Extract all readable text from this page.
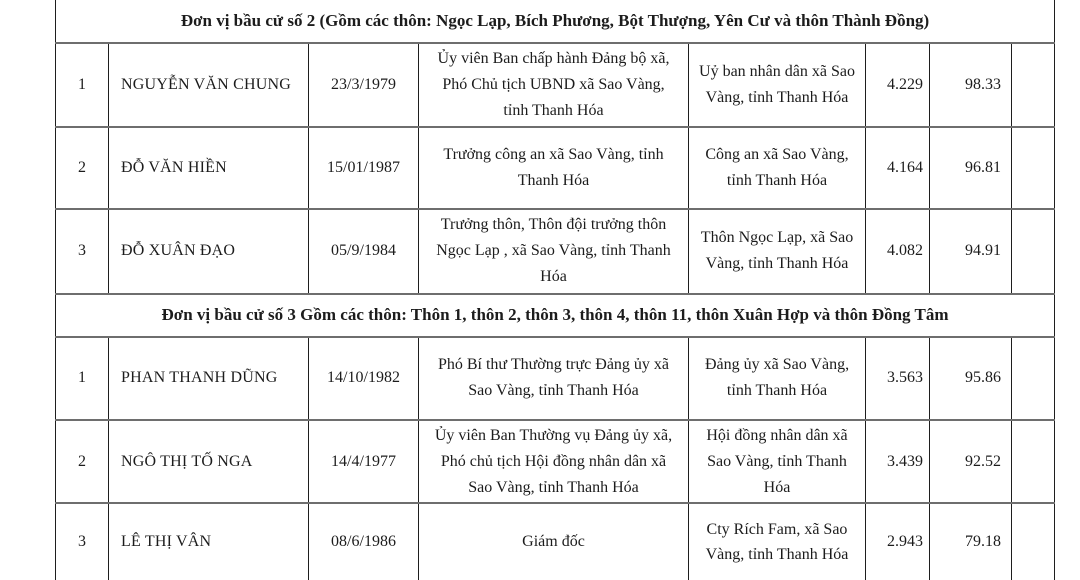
Đơn vị bầu cử số 2 (Gồm các thôn: Ngọc Lạp, Bích Phương, Bột Thượng, Yên Cư và thôn Thành Đồng)							
1	NGUYỄN VĂN CHUNG	23/3/1979	Ủy viên Ban chấp hành Đảng bộ xã, Phó Chủ tịch UBND xã Sao Vàng, tỉnh Thanh Hóa	Uỷ ban nhân dân xã Sao Vàng, tỉnh Thanh Hóa	4.229	98.33	
2	ĐỖ VĂN HIỀN	15/01/1987	Trưởng công an xã Sao Vàng, tỉnh Thanh Hóa	Công an xã Sao Vàng, tỉnh Thanh Hóa	4.164	96.81	
3	ĐỖ XUÂN ĐẠO	05/9/1984	Trưởng thôn, Thôn đội trưởng thôn Ngọc Lạp , xã Sao Vàng, tỉnh Thanh Hóa	Thôn Ngọc Lạp, xã Sao Vàng, tỉnh Thanh Hóa	4.082	94.91	
Đơn vị bầu cử số 3 Gồm các thôn: Thôn 1, thôn 2, thôn 3, thôn 4, thôn 11, thôn Xuân Hợp và thôn Đồng Tâm							
1	PHAN THANH DŨNG	14/10/1982	Phó Bí thư Thường trực Đảng ủy xã Sao Vàng, tỉnh Thanh Hóa	Đảng ủy xã Sao Vàng, tỉnh Thanh Hóa	3.563	95.86	
2	NGÔ THỊ TỐ NGA	14/4/1977	Ủy viên Ban Thường vụ Đảng ủy xã, Phó chủ tịch Hội đồng nhân dân xã Sao Vàng, tỉnh Thanh Hóa	Hội đồng nhân dân xã Sao Vàng, tỉnh Thanh Hóa	3.439	92.52	
3	LÊ THỊ VÂN	08/6/1986	Giám đốc	Cty Rích Fam, xã Sao Vàng, tỉnh Thanh Hóa	2.943	79.18	
